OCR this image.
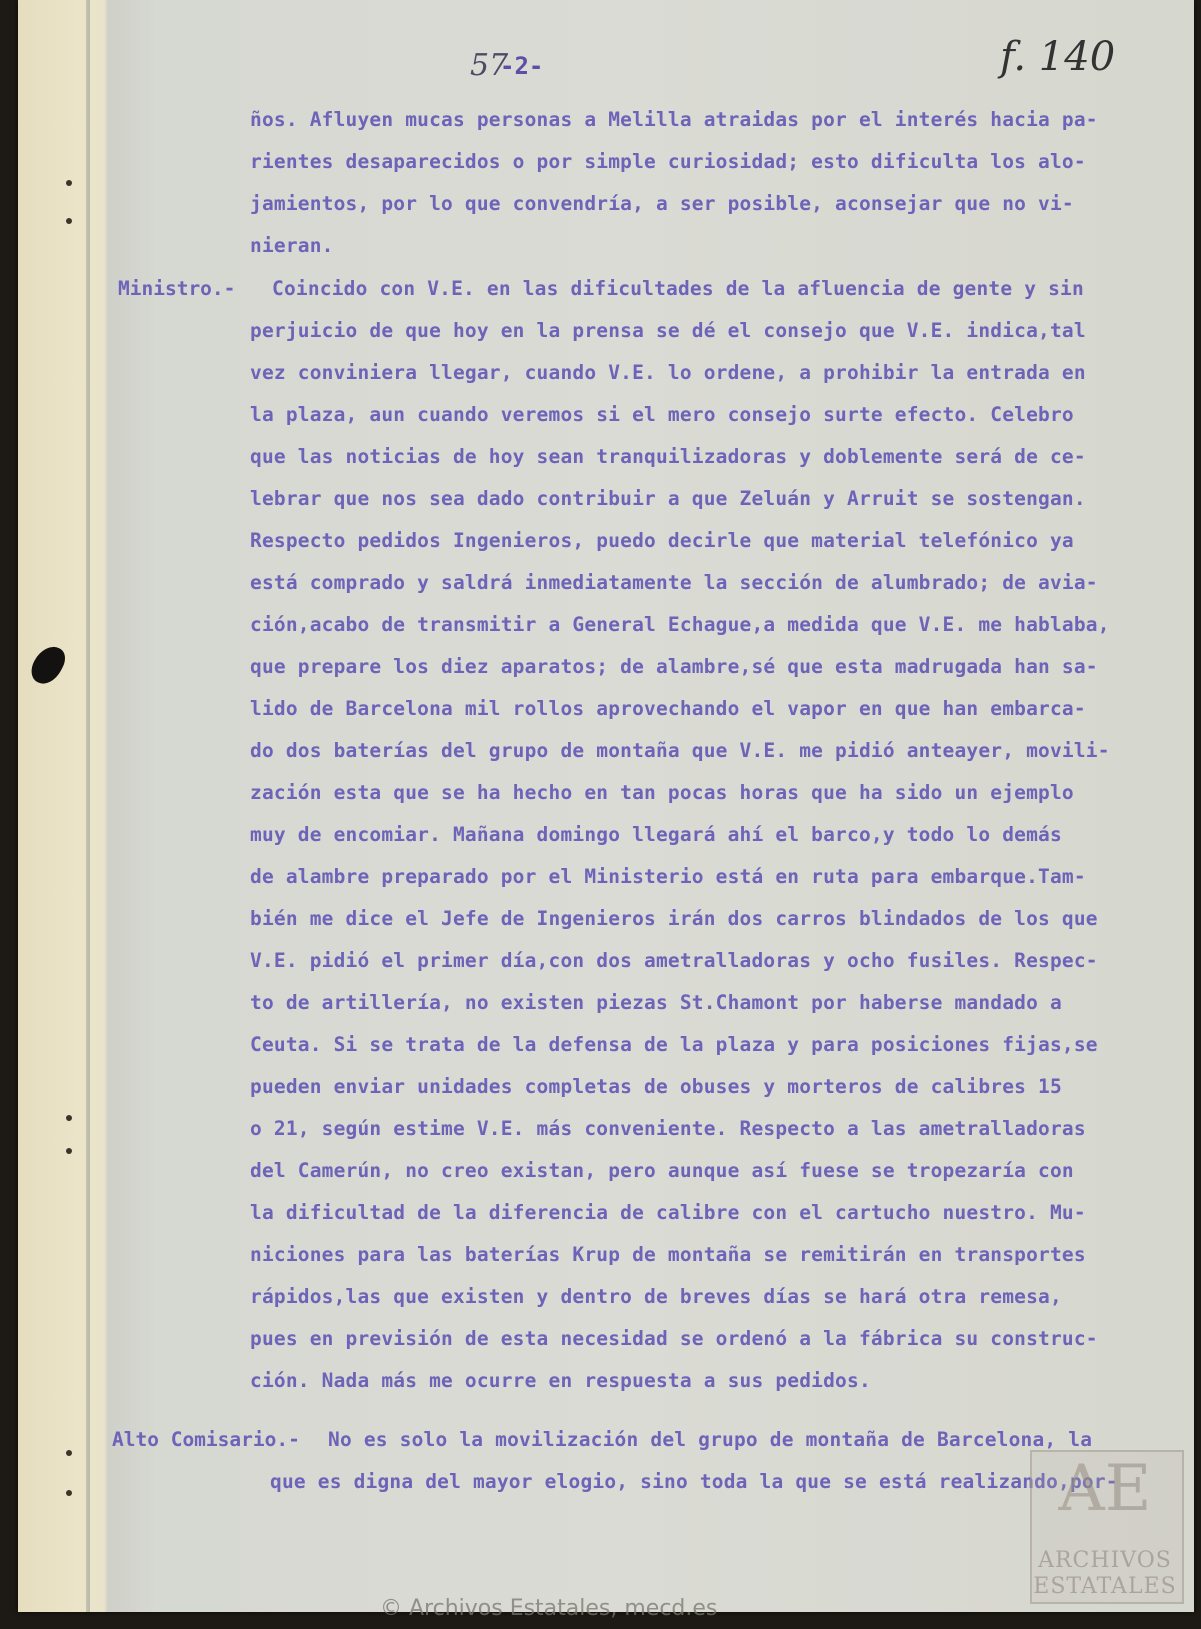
57
-2-	f. 140
ños. Afluyen mucas personas a Melilla atraidas por el interés hacia pa-
rientes desaparecidos o por simple curiosidad; esto dificulta los alo-
jamientos, por lo que convendría, a ser posible, aconsejar que no vi-
nieran.
Ministro.- Coincido con V.E. en las dificultades de la afluencia de gente y sin
perjuicio de que hoy en la prensa se dé el consejo que V.E. indica,tal
vez conviniera llegar, cuando V.E. lo ordene, a prohibir la entrada en
la plaza, aun cuando veremos si el mero consejo surte efecto. Celebro
que las noticias de hoy sean tranquilizadoras y doblemente será de ce-
lebrar que nos sea dado contribuir a que Zeluán y Arruit se sostengan.
Respecto pedidos Ingenieros, puedo decirle que material telefónico ya
está comprado y saldrá inmediatamente la sección de alumbrado; de avia-
ción,acabo de transmitir a General Echague,a medida que V.E. me hablaba,
que prepare los diez aparatos; de alambre,sé que esta madrugada han sa-
lido de Barcelona mil rollos aprovechando el vapor en que han embarca-
do dos baterías del grupo de montaña que V.E. me pidió anteayer, movili-
zación esta que se ha hecho en tan pocas horas que ha sido un ejemplo
muy de encomiar. Mañana domingo llegará ahí el barco,y todo lo demás
de alambre preparado por el Ministerio está en ruta para embarque.Tam-
bién me dice el Jefe de Ingenieros irán dos carros blindados de los que
V.E. pidió el primer día,con dos ametralladoras y ocho fusiles. Respec-
to de artillería, no existen piezas St.Chamont por haberse mandado a
Ceuta. Si se trata de la defensa de la plaza y para posiciones fijas,se
pueden enviar unidades completas de obuses y morteros de calibres 15
o 21, según estime V.E. más conveniente. Respecto a las ametralladoras
del Camerún, no creo existan, pero aunque así fuese se tropezaría con
la dificultad de la diferencia de calibre con el cartucho nuestro. Mu-
niciones para las baterías Krup de montaña se remitirán en transportes
rápidos,las que existen y dentro de breves días se hará otra remesa,
pues en previsión de esta necesidad se ordenó a la fábrica su construc-
ción. Nada más me ocurre en respuesta a sus pedidos.
Alto Comisario.- No es solo la movilización del grupo de montaña de Barcelona, la
que es digna del mayor elogio, sino toda la que se está realizando,por-
AE
ARCHIVOS
ESTATALES
© Archivos Estatales, mecd.es
